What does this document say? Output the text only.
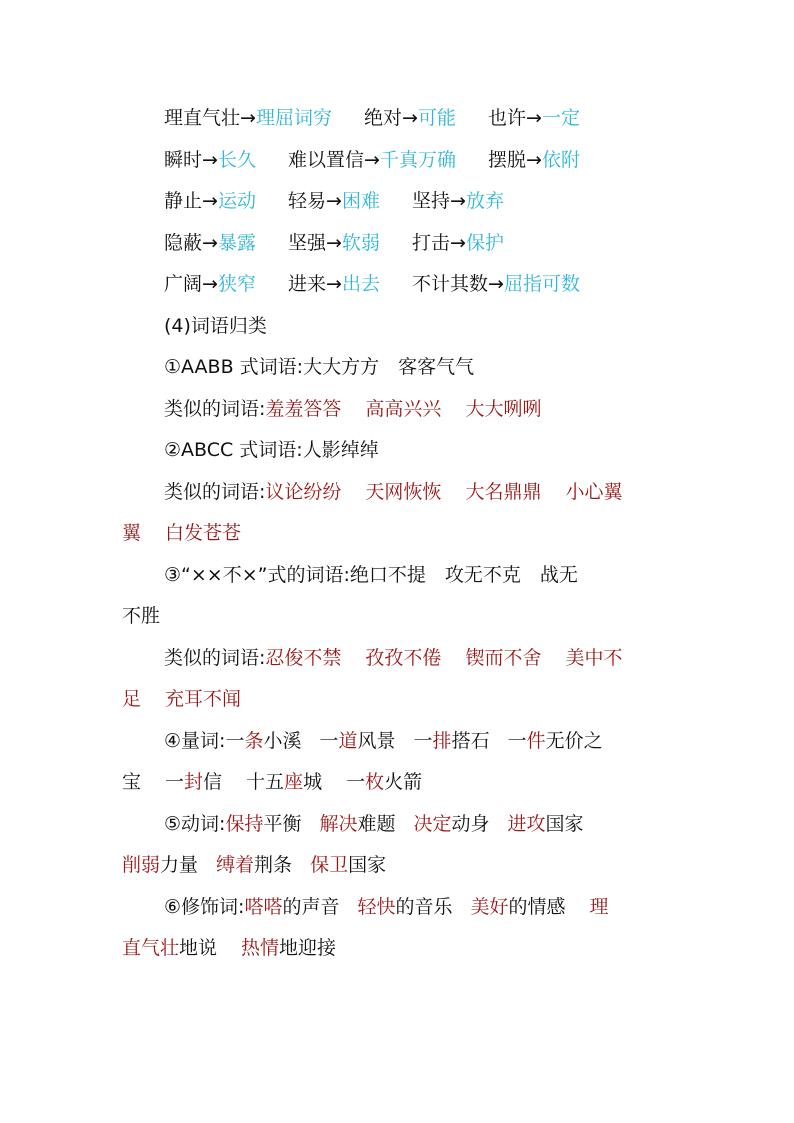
理直气壮→理屈词穷 绝对→可能 也许→一定
瞬时→长久 难以置信→千真万确 摆脱→依附
静止→运动 轻易→困难 坚持→放弃
隐蔽→暴露 坚强→软弱 打击→保护
广阔→狭窄 进来→出去 不计其数→屈指可数
(4)词语归类
①AABB 式词语:大大方方　客客气气
类似的词语:羞羞答答 高高兴兴 大大咧咧
②ABCC 式词语:人影绰绰
类似的词语:议论纷纷 天网恢恢 大名鼎鼎 小心翼
翼 白发苍苍
③“××不×”式的词语:绝口不提　攻无不克　战无
不胜
类似的词语:忍俊不禁 孜孜不倦 锲而不舍 美中不
足 充耳不闻
④量词:一条小溪 一道风景 一排搭石 一件无价之
宝 一封信 十五座城 一枚火箭
⑤动词:保持平衡 解决难题 决定动身 进攻国家
削弱力量 缚着荆条 保卫国家
⑥修饰词:嗒嗒的声音 轻快的音乐 美好的情感 理
直气壮地说 热情地迎接
